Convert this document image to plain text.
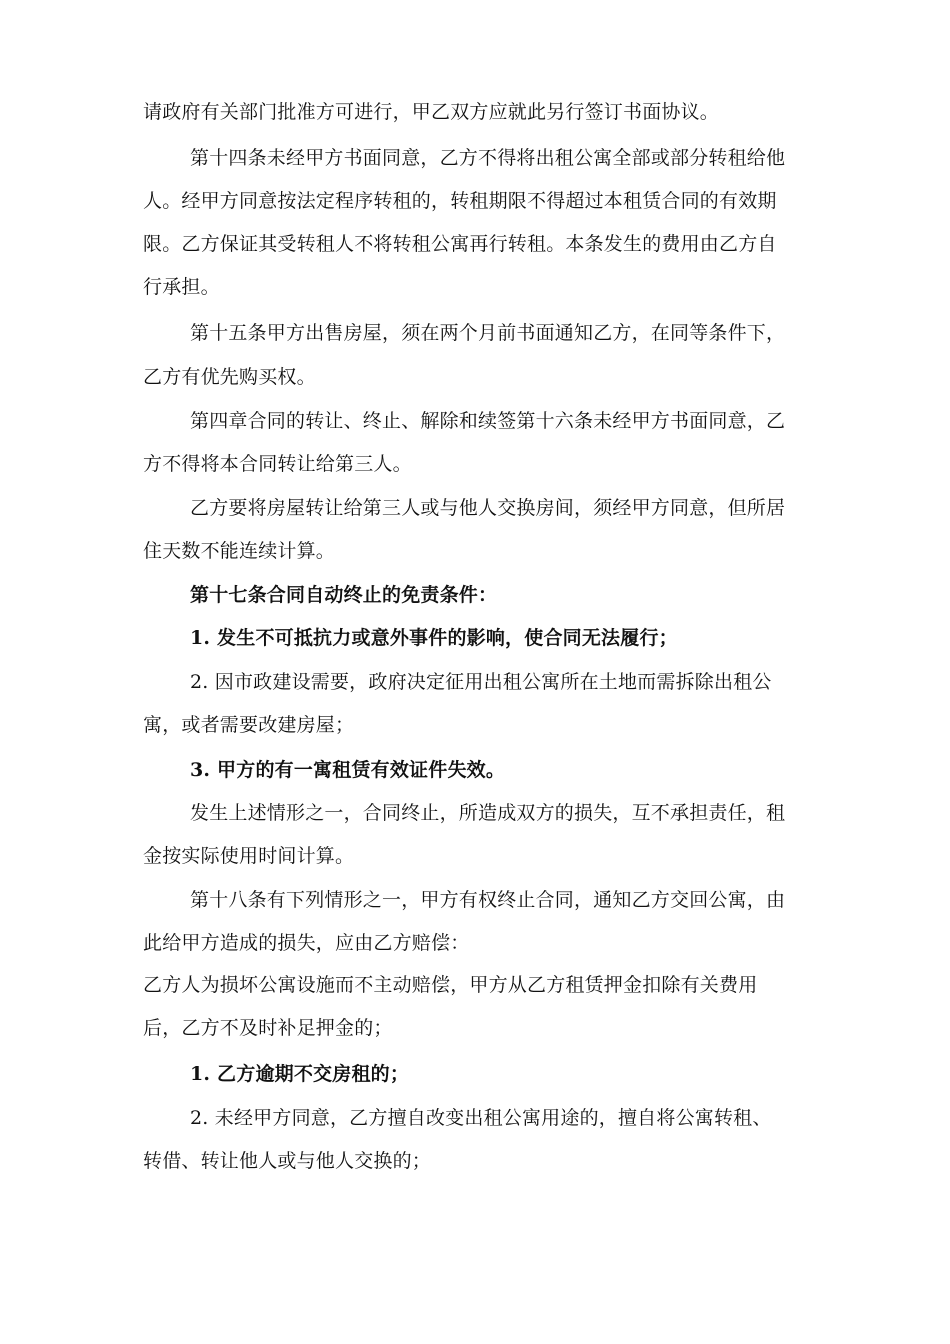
请政府有关部门批准方可进行，甲乙双方应就此另行签订书面协议。
第十四条未经甲方书面同意，乙方不得将出租公寓全部或部分转租给他
人。经甲方同意按法定程序转租的，转租期限不得超过本租赁合同的有效期
限。乙方保证其受转租人不将转租公寓再行转租。本条发生的费用由乙方自
行承担。
第十五条甲方出售房屋，须在两个月前书面通知乙方，在同等条件下，
乙方有优先购买权。
第四章合同的转让、终止、解除和续签第十六条未经甲方书面同意，乙
方不得将本合同转让给第三人。
乙方要将房屋转让给第三人或与他人交换房间，须经甲方同意，但所居
住天数不能连续计算。
第十七条合同自动终止的免责条件：
1. 发生不可抵抗力或意外事件的影响，使合同无法履行；
2. 因市政建设需要，政府决定征用出租公寓所在土地而需拆除出租公
寓，或者需要改建房屋；
3. 甲方的有一寓租赁有效证件失效。
发生上述情形之一，合同终止，所造成双方的损失，互不承担责任，租
金按实际使用时间计算。
第十八条有下列情形之一，甲方有权终止合同，通知乙方交回公寓，由
此给甲方造成的损失，应由乙方赔偿：
乙方人为损坏公寓设施而不主动赔偿，甲方从乙方租赁押金扣除有关费用
后，乙方不及时补足押金的；
1. 乙方逾期不交房租的；
2. 未经甲方同意，乙方擅自改变出租公寓用途的，擅自将公寓转租、
转借、转让他人或与他人交换的；
